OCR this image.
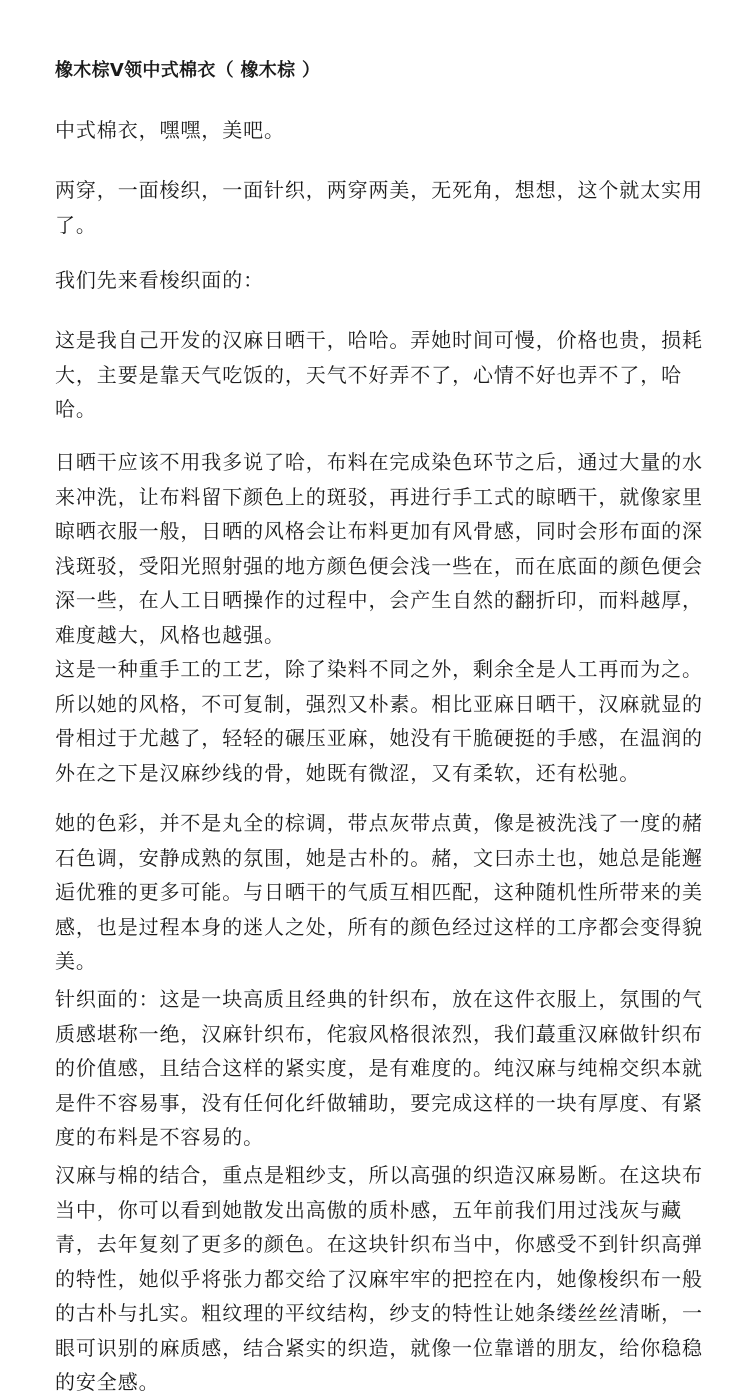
橡木棕V领中式棉衣（ 橡木棕 ）

中式棉衣，嘿嘿，美吧。

两穿，一面梭织，一面针织，两穿两美，无死角，想想，这个就太实用了。

我们先来看梭织面的：

这是我自己开发的汉麻日晒干，哈哈。弄她时间可慢，价格也贵，损耗大，主要是靠天气吃饭的，天气不好弄不了，心情不好也弄不了，哈哈。

日晒干应该不用我多说了哈，布料在完成染色环节之后，通过大量的水来冲洗，让布料留下颜色上的斑驳，再进行手工式的晾晒干，就像家里晾晒衣服一般，日晒的风格会让布料更加有风骨感，同时会形布面的深浅斑驳，受阳光照射强的地方颜色便会浅一些在，而在底面的颜色便会深一些，在人工日晒操作的过程中，会产生自然的翻折印，而料越厚，难度越大，风格也越强。

这是一种重手工的工艺，除了染料不同之外，剩余全是人工再而为之。所以她的风格，不可复制，强烈又朴素。相比亚麻日晒干，汉麻就显的骨相过于尤越了，轻轻的碾压亚麻，她没有干脆硬挺的手感，在温润的外在之下是汉麻纱线的骨，她既有微涩，又有柔软，还有松驰。

她的色彩，并不是丸全的棕调，带点灰带点黄，像是被洗浅了一度的赭石色调，安静成熟的氛围，她是古朴的。赭，文曰赤土也，她总是能邂逅优雅的更多可能。与日晒干的气质互相匹配，这种随机性所带来的美感，也是过程本身的迷人之处，所有的颜色经过这样的工序都会变得貌美。

针织面的：这是一块高质且经典的针织布，放在这件衣服上，氛围的气质感堪称一绝，汉麻针织布，侘寂风格很浓烈，我们蕞重汉麻做针织布的价值感，且结合这样的紧实度，是有难度的。纯汉麻与纯棉交织本就是件不容易事，没有任何化纤做辅助，要完成这样的一块有厚度、有紧度的布料是不容易的。

汉麻与棉的结合，重点是粗纱支，所以高强的织造汉麻易断。在这块布当中，你可以看到她散发出高傲的质朴感，五年前我们用过浅灰与藏青，去年复刻了更多的颜色。在这块针织布当中，你感受不到针织高弹的特性，她似乎将张力都交给了汉麻牢牢的把控在内，她像梭织布一般的古朴与扎实。粗纹理的平纹结构，纱支的特性让她条缕丝丝清晰，一眼可识别的麻质感，结合紧实的织造，就像一位靠谱的朋友，给你稳稳的安全感。
